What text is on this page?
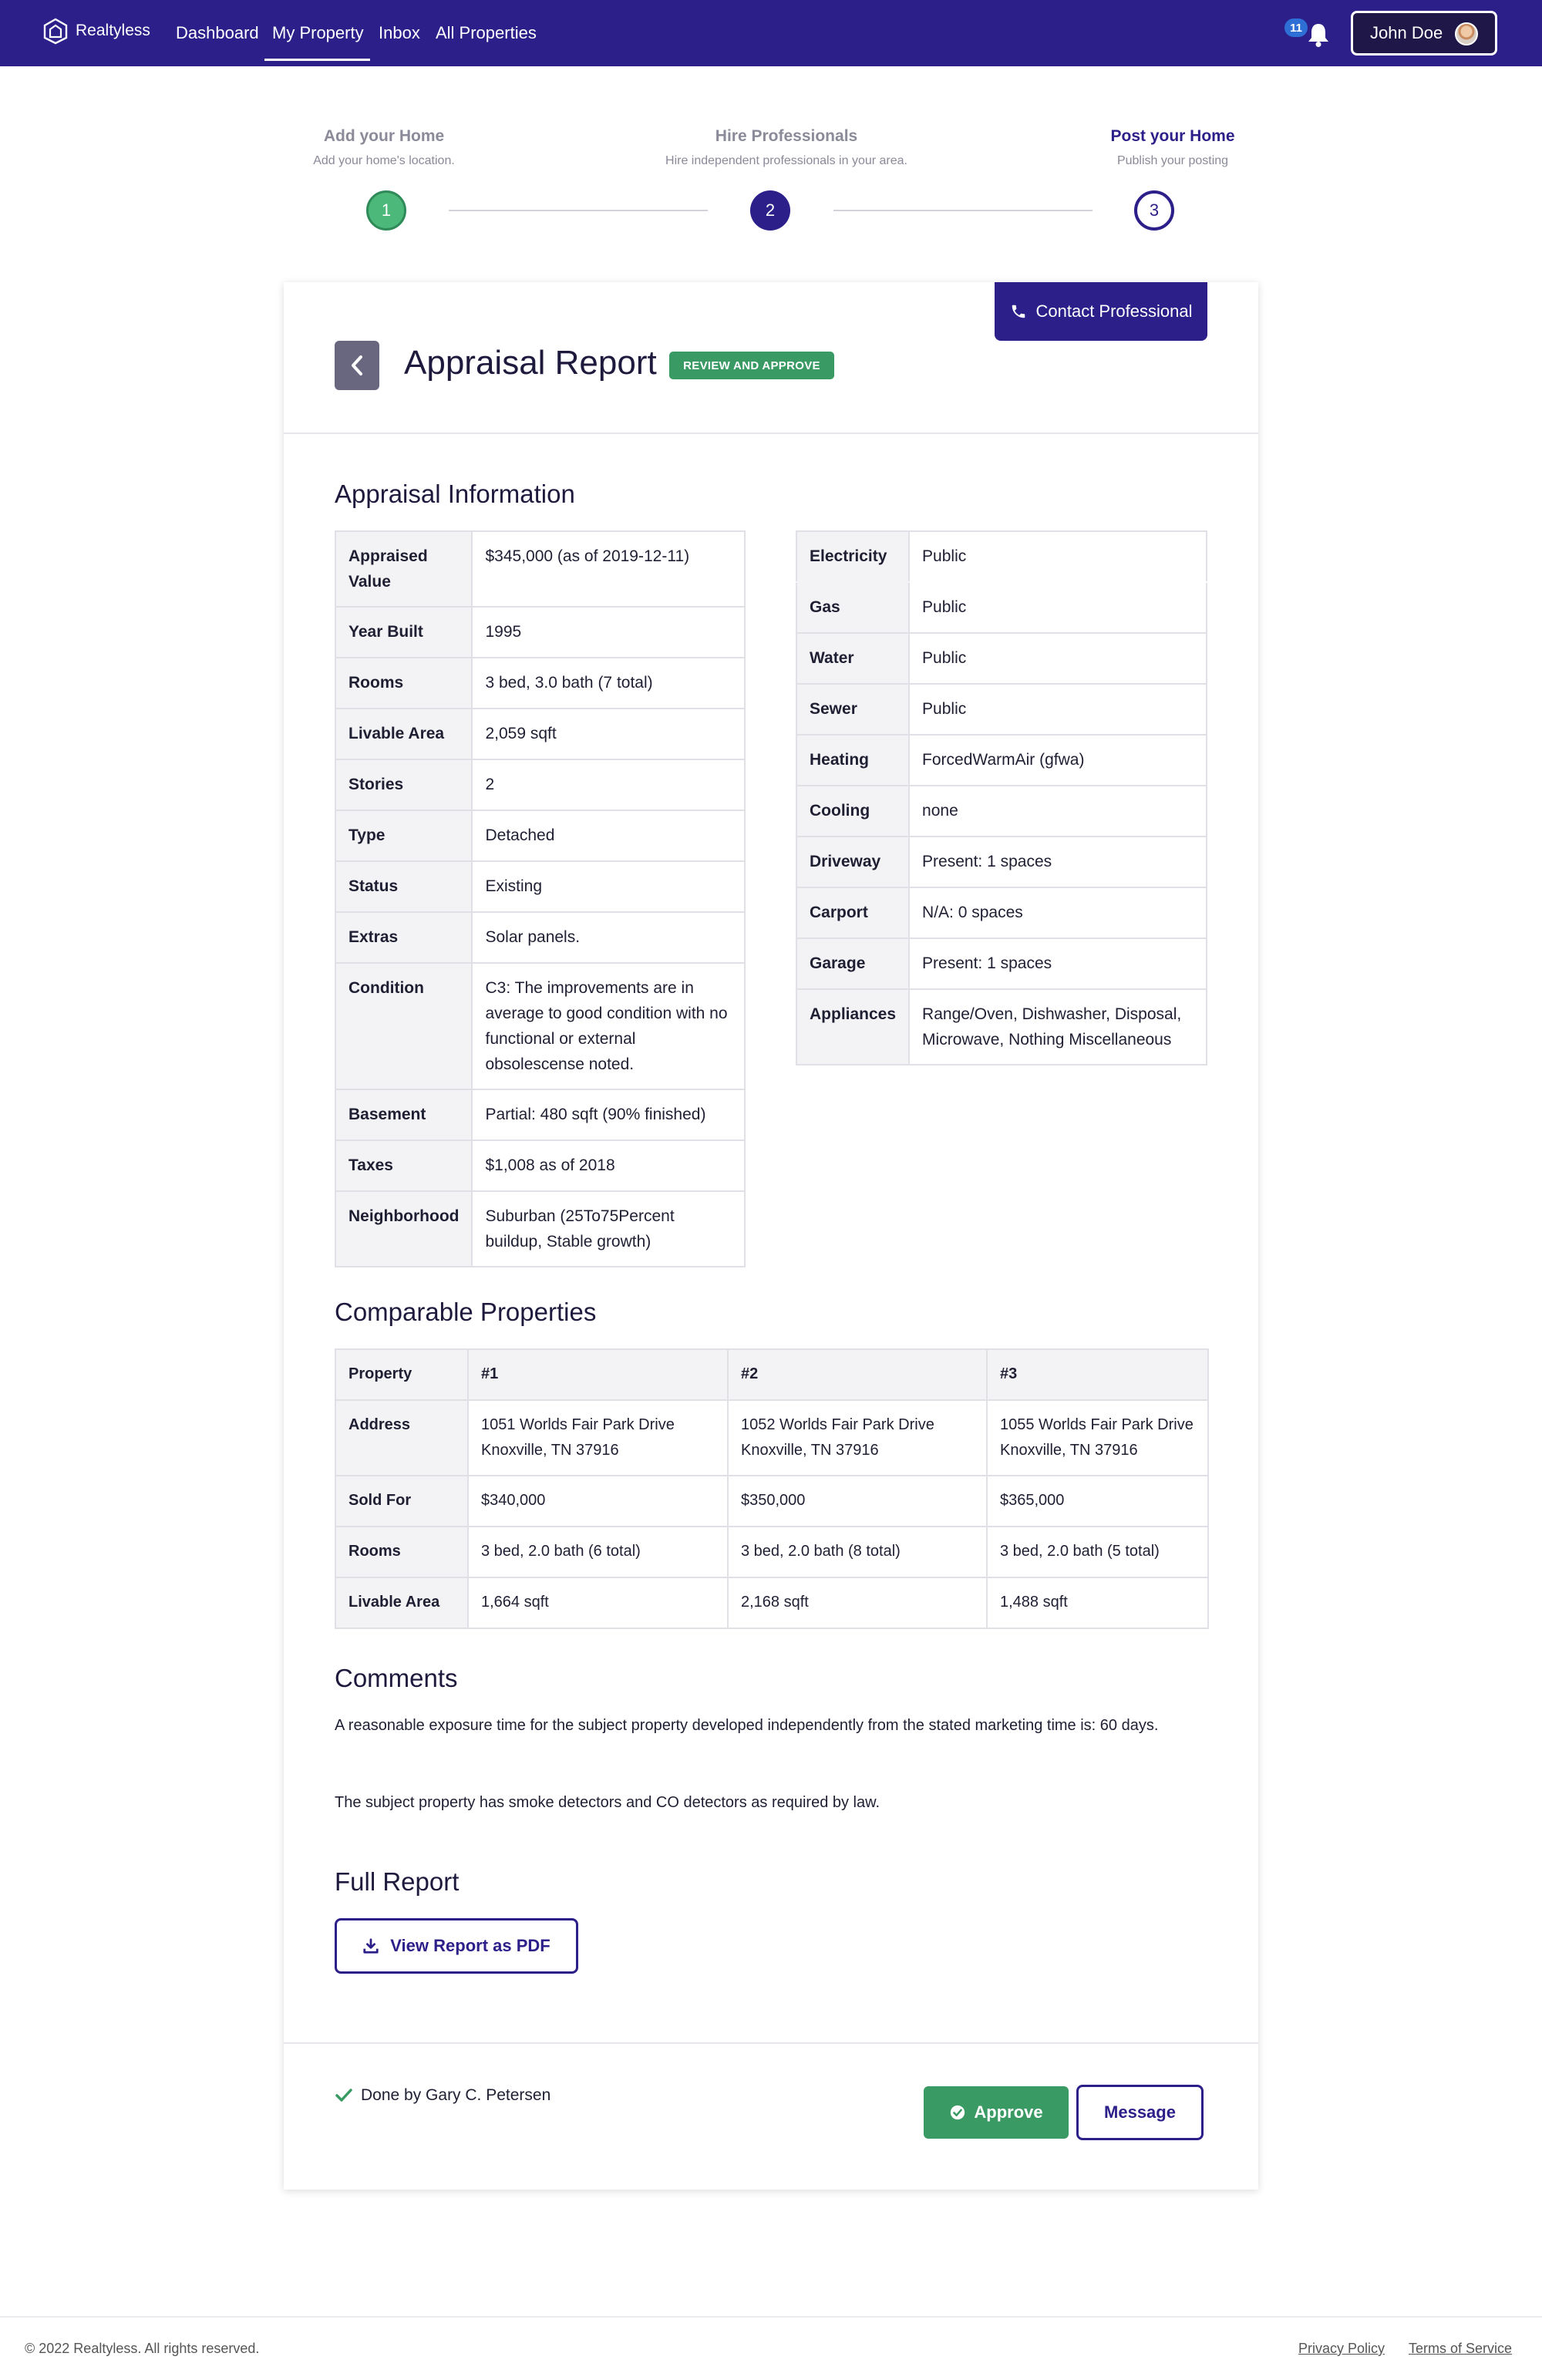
Realtyless Dashboard My Property Inbox All Properties	11	John Doe
Add your Home
Add your home's location.
1
Hire Professionals
Hire independent professionals in your area.
2
Post your Home
Publish your posting
3
Contact Professional
Appraisal Report	REVIEW AND APPROVE
Appraisal Information
Appraised Value	$345,000 (as of 2019-12-11)
Year Built	1995
Rooms	3 bed, 3.0 bath (7 total)
Livable Area	2,059 sqft
Stories	2
Type	Detached
Status	Existing
Extras	Solar panels.
Condition	C3: The improvements are in average to good condition with no functional or external obsolescense noted.
Basement	Partial: 480 sqft (90% finished)
Taxes	$1,008 as of 2018
Neighborhood	Suburban (25To75Percent buildup, Stable growth)
Electricity	Public
Gas	Public
Water	Public
Sewer	Public
Heating	ForcedWarmAir (gfwa)
Cooling	none
Driveway	Present: 1 spaces
Carport	N/A: 0 spaces
Garage	Present: 1 spaces
Appliances	Range/Oven, Dishwasher, Disposal, Microwave, Nothing Miscellaneous
Comparable Properties
Property	#1	#2	#3
Address	1051 Worlds Fair Park Drive Knoxville, TN 37916	1052 Worlds Fair Park Drive Knoxville, TN 37916	1055 Worlds Fair Park Drive Knoxville, TN 37916

Sold For	$340,000	$350,000	$365,000
Rooms	3 bed, 2.0 bath (6 total)	3 bed, 2.0 bath (8 total)	3 bed, 2.0 bath (5 total)
Livable Area	1,664 sqft	2,168 sqft	1,488 sqft
Comments
A reasonable exposure time for the subject property developed independently from the stated marketing time is: 60 days.
The subject property has smoke detectors and CO detectors as required by law.
Full Report
View Report as PDF
Done by Gary C. Petersen
Approve	Message
© 2022 Realtyless. All rights reserved.	Privacy Policy Terms of Service
